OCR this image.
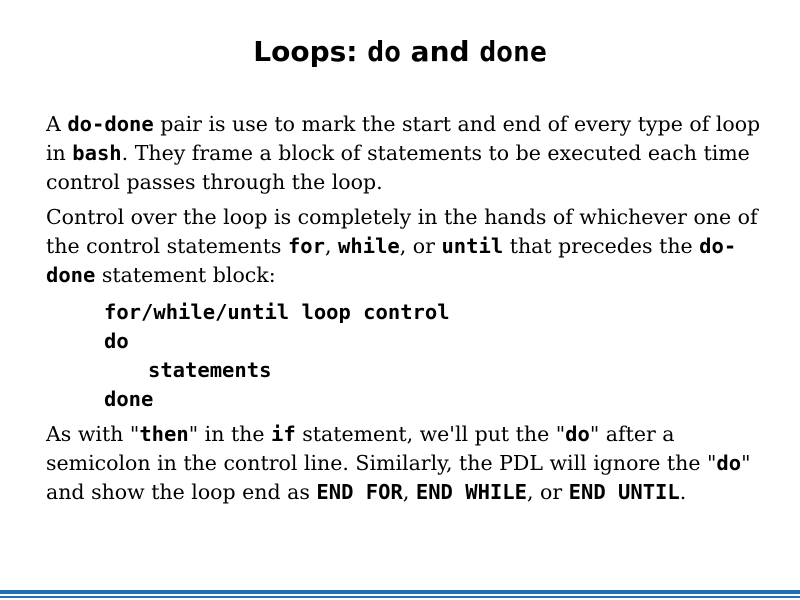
Loops: do and done

A do-done pair is use to mark the start and end of every type of loop in bash. They frame a block of statements to be executed each time control passes through the loop.

Control over the loop is completely in the hands of whichever one of the control statements for, while, or until that precedes the do-done statement block:

for/while/until loop control
do
statements
done

As with "then" in the if statement, we'll put the "do" after a semicolon in the control line. Similarly, the PDL will ignore the "do" and show the loop end as END FOR, END WHILE, or END UNTIL.
